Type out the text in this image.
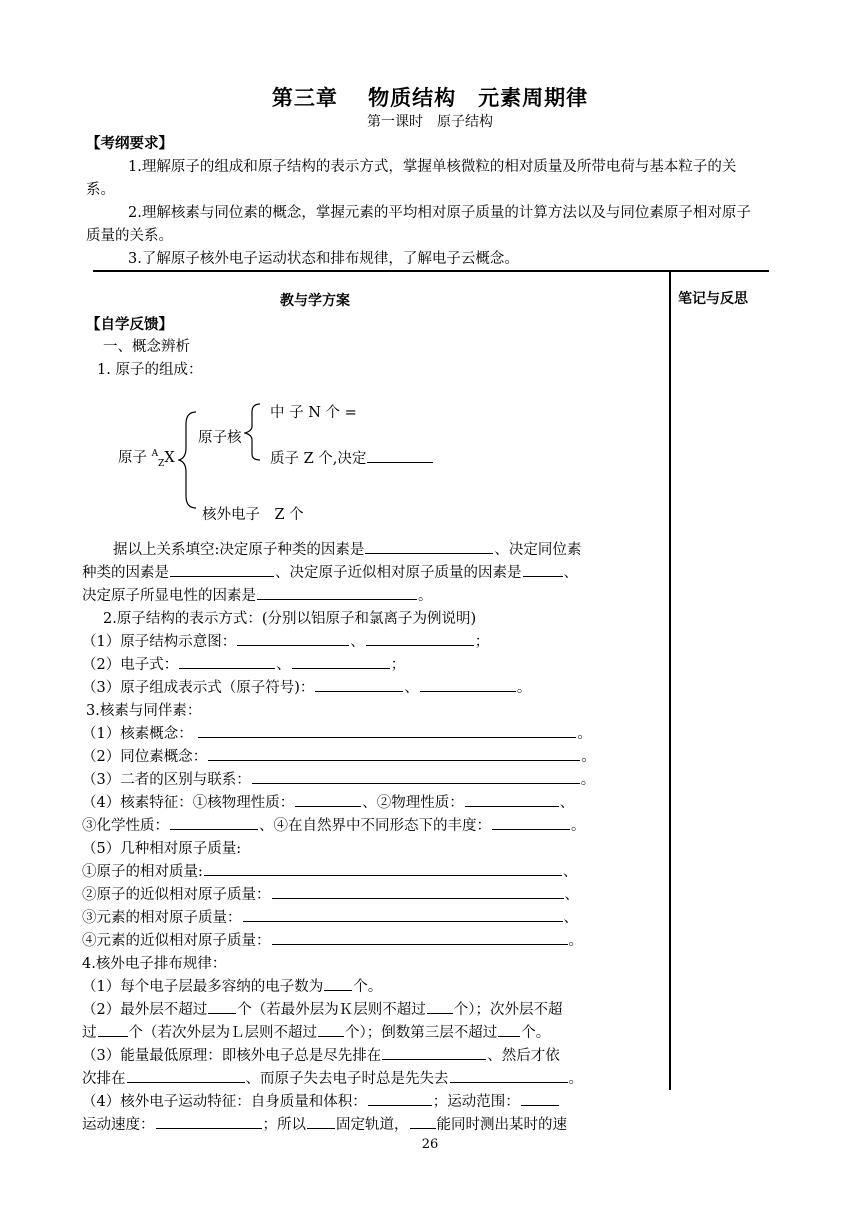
第三章　 物质结构　元素周期律
第一课时　原子结构
【考纲要求】
1.理解原子的组成和原子结构的表示方式，掌握单核微粒的相对质量及所带电荷与基本粒子的关
系。
2.理解核素与同位素的概念，掌握元素的平均相对原子质量的计算方法以及与同位素原子相对原子
质量的关系。
3.了解原子核外电子运动状态和排布规律，了解电子云概念。
教与学方案	笔记与反思
【自学反馈】
一、概念辨析
1. 原子的组成：
原子 $^A_Z$X
原子核
中 子 N 个 =
质子 Z 个,决定
核外电子　Z 个
据以上关系填空:决定原子种类的因素是	、决定同位素
种类的因素是	、决定原子近似相对原子质量的因素是	、
决定原子所显电性的因素是	。
2.原子结构的表示方式：(分别以铝原子和氯离子为例说明)
（1）原子结构示意图：	、	；
（2）电子式：	、	；
（3）原子组成表示式（原子符号)：	、	。
3.核素与同伴素：
（1）核素概念：	。
（2）同位素概念：	。
（3）二者的区别与联系：	。
（4）核素特征：①核物理性质：	、②物理性质：	、
③化学性质：	、④在自然界中不同形态下的丰度：	。
（5）几种相对原子质量:
①原子的相对质量:	、
②原子的近似相对原子质量：	、
③元素的相对原子质量：	、
④元素的近似相对原子质量：	。
4.核外电子排布规律：
（1）每个电子层最多容纳的电子数为 个。
（2）最外层不超过 个（若最外层为Ｋ层则不超过 个）；次外层不超
过 个（若次外层为Ｌ层则不超过 个）；倒数第三层不超过 个。
（3）能量最低原理：即核外电子总是尽先排在	、然后才依
次排在	、而原子失去电子时总是先失去	。
（4）核外电子运动特征：自身质量和体积：	；运动范围：
运动速度：	；所以 固定轨道， 能同时测出某时的速
26
